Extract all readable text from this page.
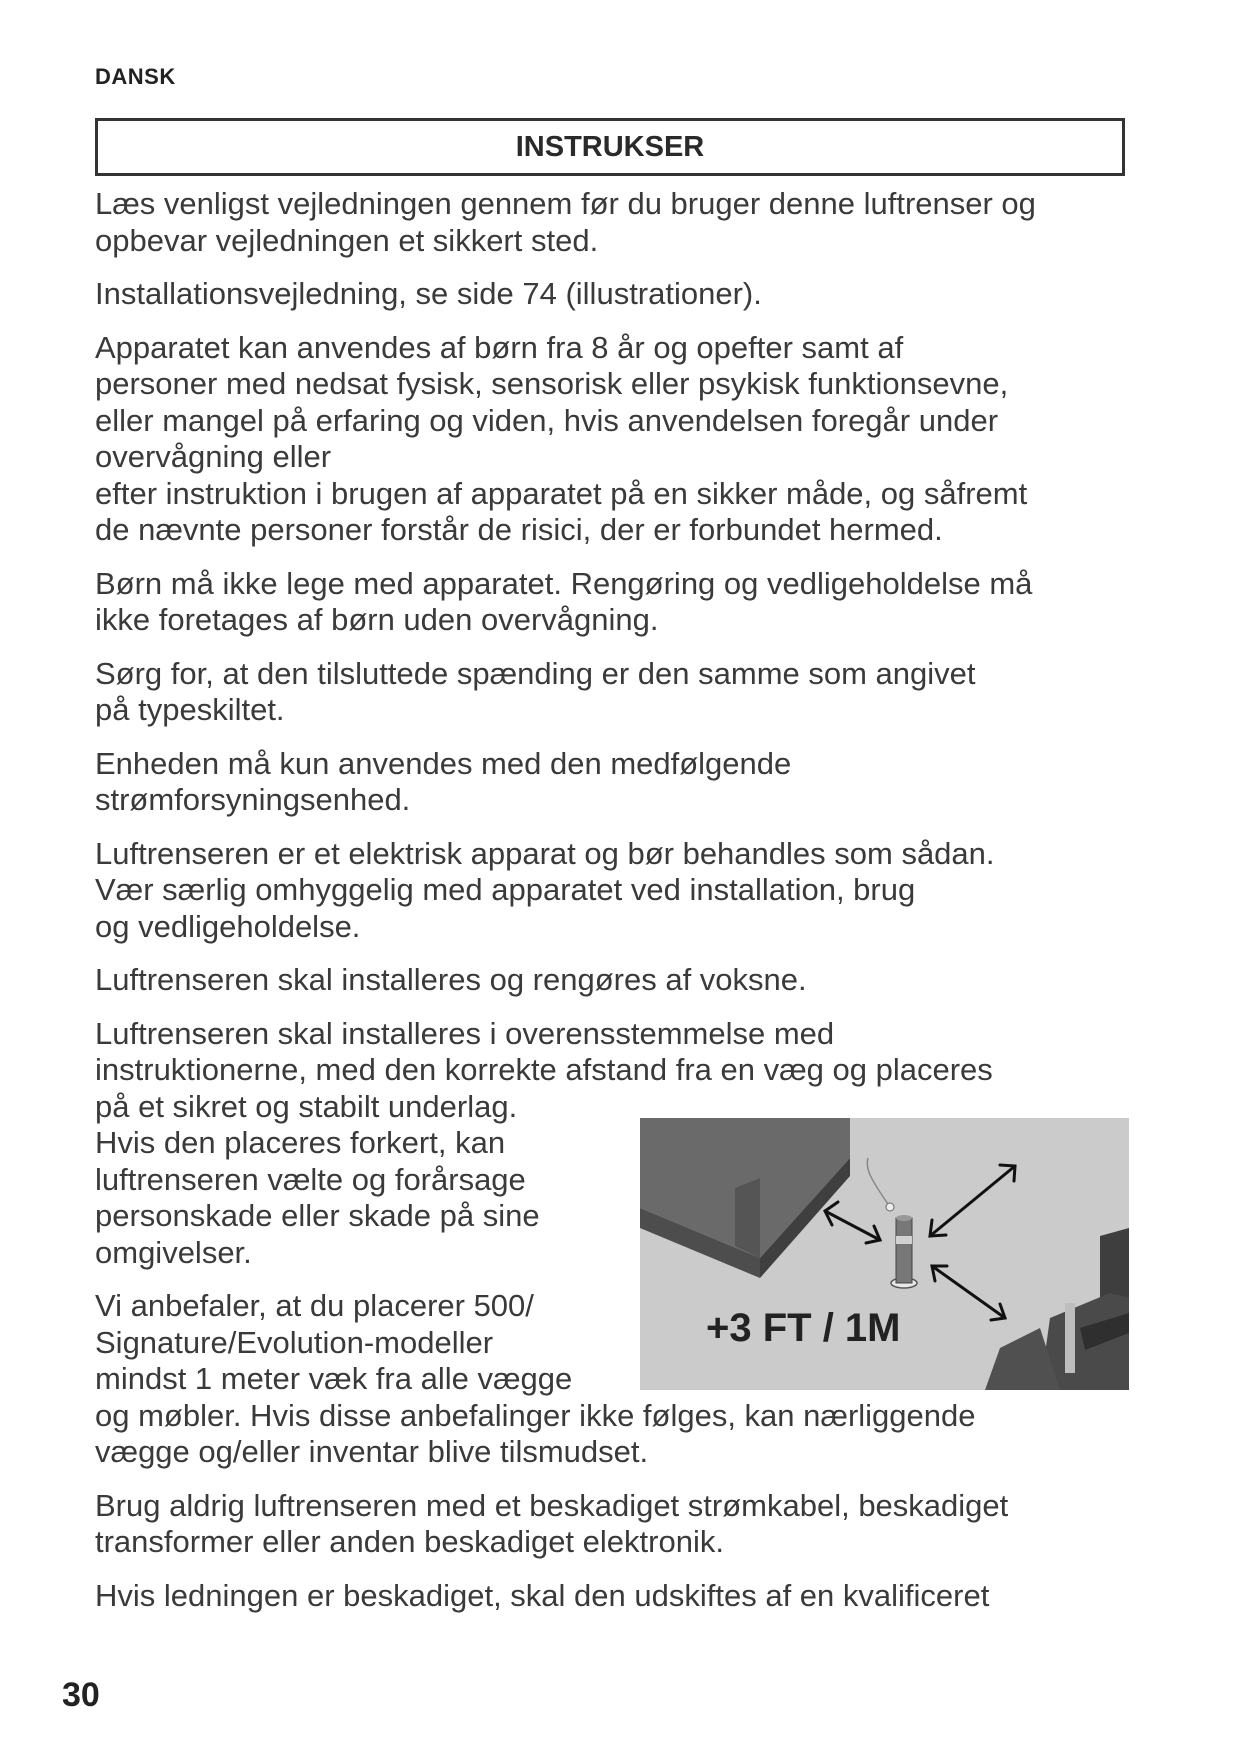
DANSK
INSTRUKSER

Læs venligst vejledningen gennem før du bruger denne luftrenser og
opbevar vejledningen et sikkert sted.

Installationsvejledning, se side 74 (illustrationer).

Apparatet kan anvendes af børn fra 8 år og opefter samt af
personer med nedsat fysisk, sensorisk eller psykisk funktionsevne,
eller mangel på erfaring og viden, hvis anvendelsen foregår under
overvågning eller
efter instruktion i brugen af apparatet på en sikker måde, og såfremt
de nævnte personer forstår de risici, der er forbundet hermed.

Børn må ikke lege med apparatet. Rengøring og vedligeholdelse må
ikke foretages af børn uden overvågning.

Sørg for, at den tilsluttede spænding er den samme som angivet
på typeskiltet.

Enheden må kun anvendes med den medfølgende
strømforsyningsenhed.

Luftrenseren er et elektrisk apparat og bør behandles som sådan.
Vær særlig omhyggelig med apparatet ved installation, brug
og vedligeholdelse.

Luftrenseren skal installeres og rengøres af voksne.

Luftrenseren skal installeres i overensstemmelse med
instruktionerne, med den korrekte afstand fra en væg og placeres
på et sikret og stabilt underlag.
Hvis den placeres forkert, kan
luftrenseren vælte og forårsage
personskade eller skade på sine
omgivelser.

Vi anbefaler, at du placerer 500/
Signature/Evolution-modeller
mindst 1 meter væk fra alle vægge
og møbler. Hvis disse anbefalinger ikke følges, kan nærliggende
vægge og/eller inventar blive tilsmudset.

Brug aldrig luftrenseren med et beskadiget strømkabel, beskadiget
transformer eller anden beskadiget elektronik.

Hvis ledningen er beskadiget, skal den udskiftes af en kvalificeret

+3 FT / 1M
30
